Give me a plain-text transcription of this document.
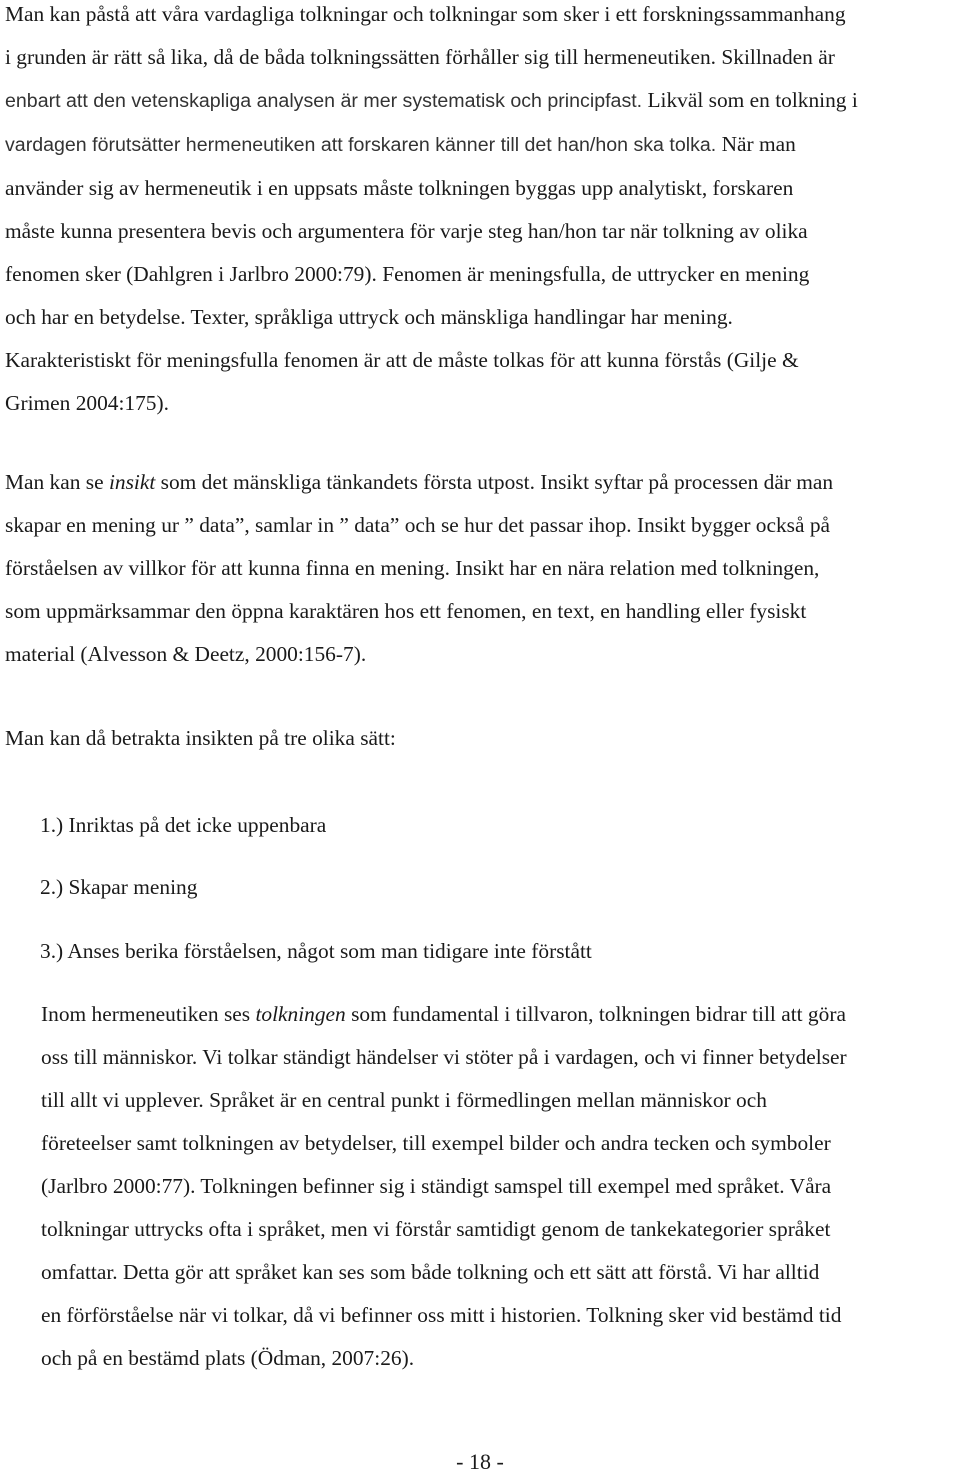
Man kan påstå att våra vardagliga tolkningar och tolkningar som sker i ett forskningssammanhang
i grunden är rätt så lika, då de båda tolkningssätten förhåller sig till hermeneutiken. Skillnaden är
enbart att den vetenskapliga analysen är mer systematisk och principfast. Likväl som en tolkning i
vardagen förutsätter hermeneutiken att forskaren känner till det han/hon ska tolka. När man
använder sig av hermeneutik i en uppsats måste tolkningen byggas upp analytiskt, forskaren
måste kunna presentera bevis och argumentera för varje steg han/hon tar när tolkning av olika
fenomen sker (Dahlgren i Jarlbro 2000:79). Fenomen är meningsfulla, de uttrycker en mening
och har en betydelse. Texter, språkliga uttryck och mänskliga handlingar har mening.
Karakteristiskt för meningsfulla fenomen är att de måste tolkas för att kunna förstås (Gilje &
Grimen 2004:175).

Man kan se insikt som det mänskliga tänkandets första utpost. Insikt syftar på processen där man
skapar en mening ur ” data”, samlar in ” data” och se hur det passar ihop. Insikt bygger också på
förståelsen av villkor för att kunna finna en mening. Insikt har en nära relation med tolkningen,
som uppmärksammar den öppna karaktären hos ett fenomen, en text, en handling eller fysiskt
material (Alvesson & Deetz, 2000:156-7).

Man kan då betrakta insikten på tre olika sätt:

1.) Inriktas på det icke uppenbara

2.) Skapar mening

3.) Anses berika förståelsen, något som man tidigare inte förstått

Inom hermeneutiken ses tolkningen som fundamental i tillvaron, tolkningen bidrar till att göra
oss till människor. Vi tolkar ständigt händelser vi stöter på i vardagen, och vi finner betydelser
till allt vi upplever. Språket är en central punkt i förmedlingen mellan människor och
företeelser samt tolkningen av betydelser, till exempel bilder och andra tecken och symboler
(Jarlbro 2000:77). Tolkningen befinner sig i ständigt samspel till exempel med språket. Våra
tolkningar uttrycks ofta i språket, men vi förstår samtidigt genom de tankekategorier språket
omfattar. Detta gör att språket kan ses som både tolkning och ett sätt att förstå. Vi har alltid
en förförståelse när vi tolkar, då vi befinner oss mitt i historien. Tolkning sker vid bestämd tid
och på en bestämd plats (Ödman, 2007:26).

- 18 -
